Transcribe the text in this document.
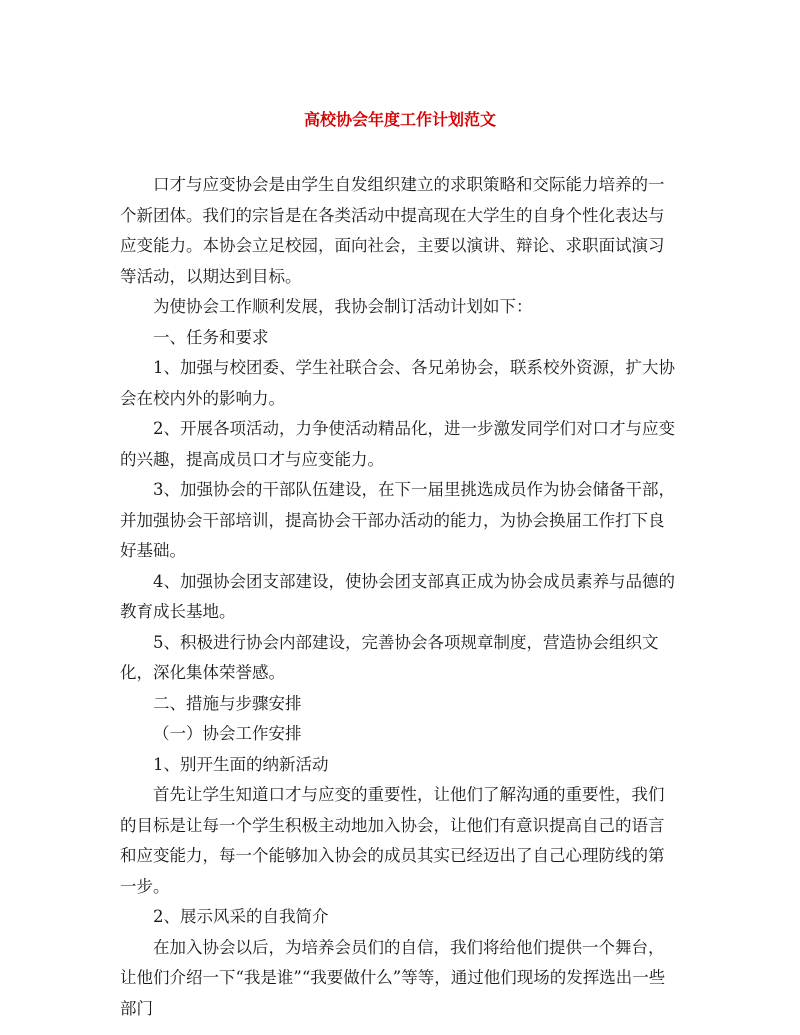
高校协会年度工作计划范文

口才与应变协会是由学生自发组织建立的求职策略和交际能力培养的一个新团体。我们的宗旨是在各类活动中提高现在大学生的自身个性化表达与应变能力。本协会立足校园，面向社会，主要以演讲、辩论、求职面试演习等活动，以期达到目标。

为使协会工作顺利发展，我协会制订活动计划如下：

一、任务和要求

1、加强与校团委、学生社联合会、各兄弟协会，联系校外资源，扩大协会在校内外的影响力。

2、开展各项活动，力争使活动精品化，进一步激发同学们对口才与应变的兴趣，提高成员口才与应变能力。

3、加强协会的干部队伍建设，在下一届里挑选成员作为协会储备干部，并加强协会干部培训，提高协会干部办活动的能力，为协会换届工作打下良好基础。

4、加强协会团支部建设，使协会团支部真正成为协会成员素养与品德的教育成长基地。

5、积极进行协会内部建设，完善协会各项规章制度，营造协会组织文化，深化集体荣誉感。

二、措施与步骤安排

（一）协会工作安排

1、别开生面的纳新活动

首先让学生知道口才与应变的重要性，让他们了解沟通的重要性，我们的目标是让每一个学生积极主动地加入协会，让他们有意识提高自己的语言和应变能力，每一个能够加入协会的成员其实已经迈出了自己心理防线的第一步。

2、展示风采的自我简介

在加入协会以后，为培养会员们的自信，我们将给他们提供一个舞台，让他们介绍一下“我是谁”“我要做什么”等等，通过他们现场的发挥选出一些部门
